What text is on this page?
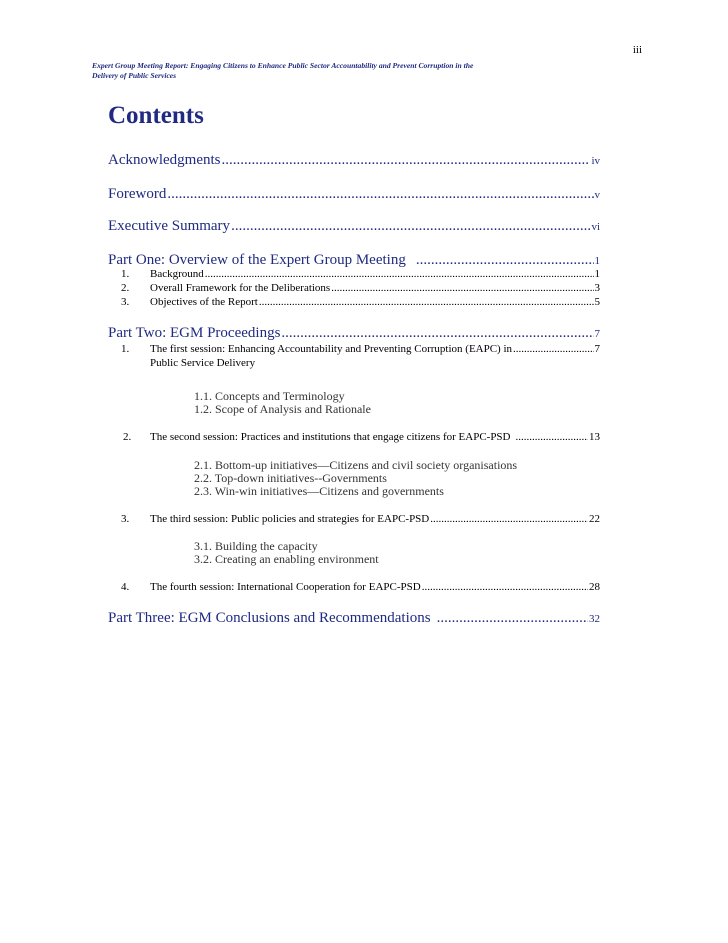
iii
Expert Group Meeting Report: Engaging Citizens to Enhance Public Sector Accountability and Prevent Corruption in the
Delivery of Public Services
Contents
Acknowledgments .....	iv
Foreword .....	v
Executive Summary .....	vi
Part One: Overview of the Expert Group Meeting .....	1
1. Background .....	1
2. Overall Framework for the Deliberations .....	3
3. Objectives of the Report .....	5
Part Two: EGM Proceedings .....	7
1. The first session: Enhancing Accountability and Preventing Corruption (EAPC) in .....	7
Public Service Delivery
1.1. Concepts and Terminology
1.2. Scope of Analysis and Rationale
2. The second session: Practices and institutions that engage citizens for EAPC-PSD .....	13
2.1. Bottom-up initiatives—Citizens and civil society organisations
2.2. Top-down initiatives--Governments
2.3. Win-win initiatives—Citizens and governments
3. The third session: Public policies and strategies for EAPC-PSD .....	22
3.1. Building the capacity
3.2. Creating an enabling environment
4. The fourth session: International Cooperation for EAPC-PSD .....	28
Part Three: EGM Conclusions and Recommendations .....	32
